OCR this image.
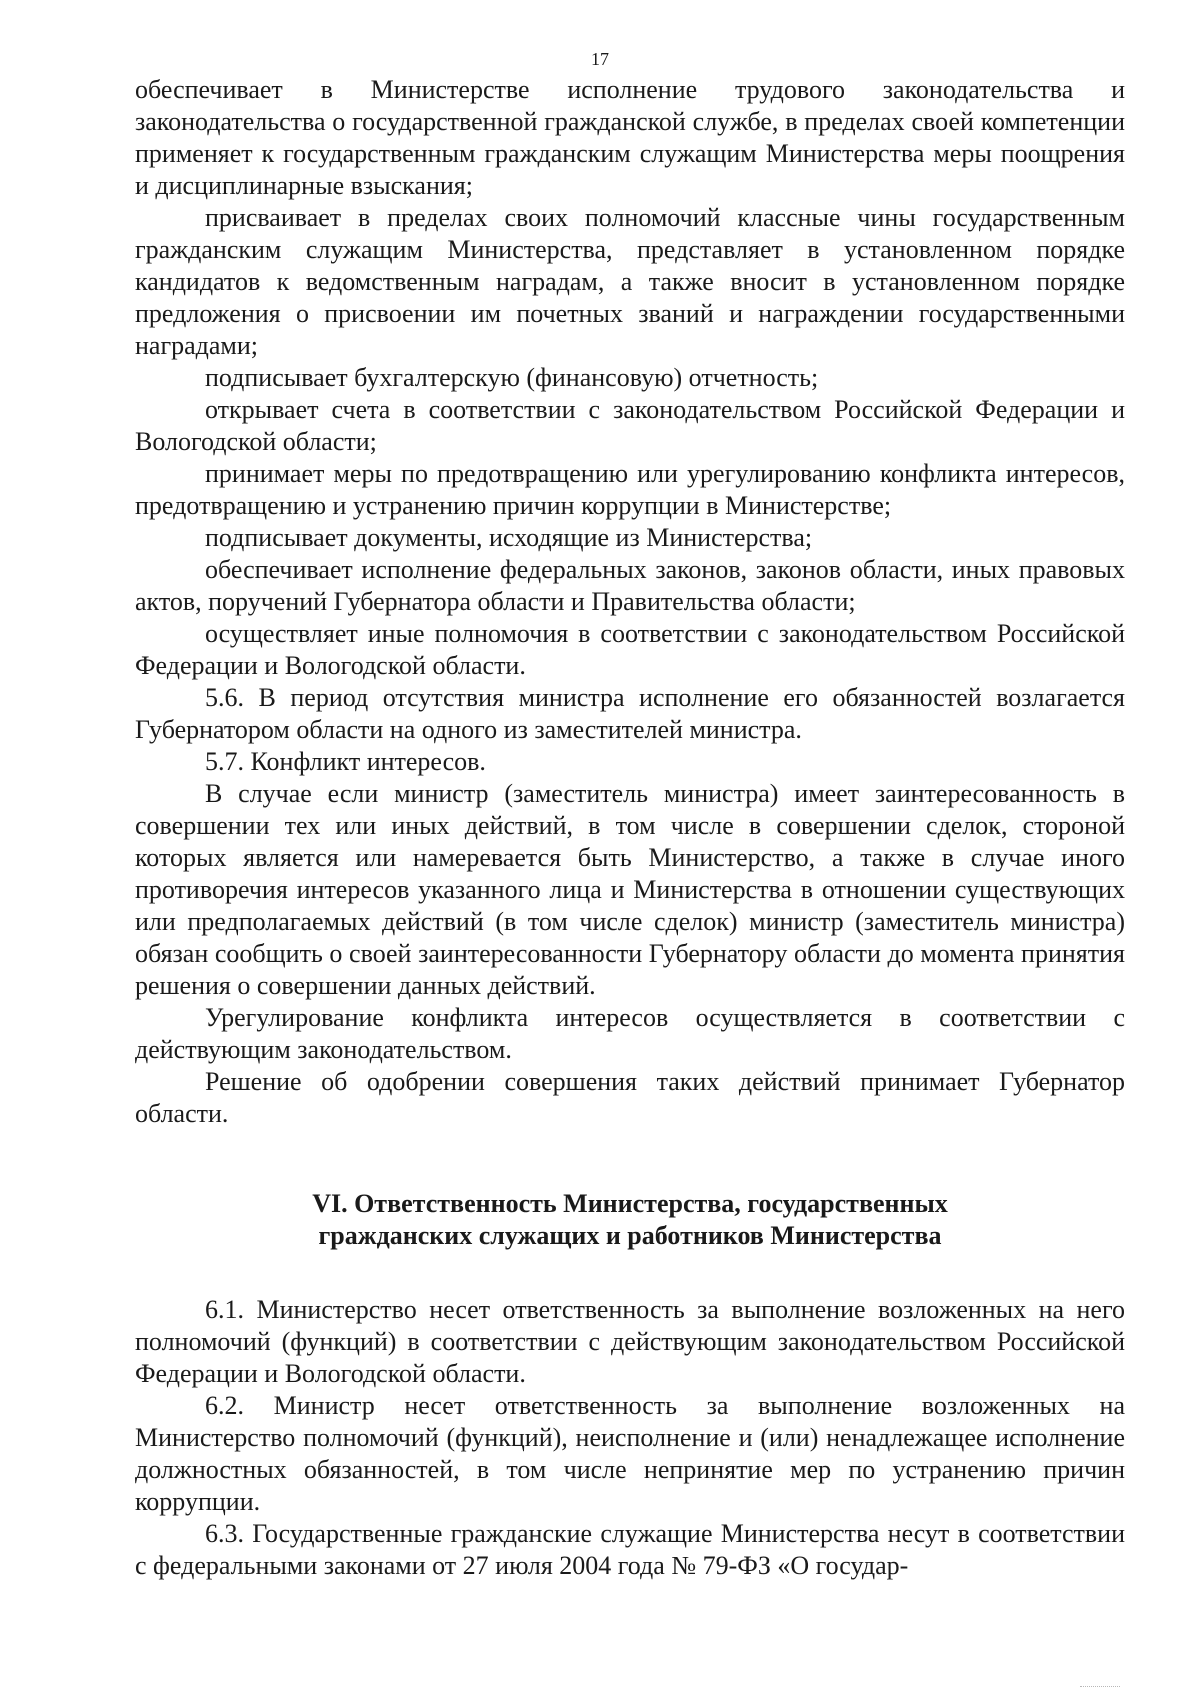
17

обеспечивает в Министерстве исполнение трудового законодательства и законодательства о государственной гражданской службе, в пределах своей компетенции применяет к государственным гражданским служащим Министерства меры поощрения и дисциплинарные взыскания;

присваивает в пределах своих полномочий классные чины государственным гражданским служащим Министерства, представляет в установленном порядке кандидатов к ведомственным наградам, а также вносит в установленном порядке предложения о присвоении им почетных званий и награждении государственными наградами;

подписывает бухгалтерскую (финансовую) отчетность;

открывает счета в соответствии с законодательством Российской Федерации и Вологодской области;

принимает меры по предотвращению или урегулированию конфликта интересов, предотвращению и устранению причин коррупции в Министерстве;

подписывает документы, исходящие из Министерства;

обеспечивает исполнение федеральных законов, законов области, иных правовых актов, поручений Губернатора области и Правительства области;

осуществляет иные полномочия в соответствии с законодательством Российской Федерации и Вологодской области.

5.6. В период отсутствия министра исполнение его обязанностей возлагается Губернатором области на одного из заместителей министра.

5.7. Конфликт интересов.

В случае если министр (заместитель министра) имеет заинтересованность в совершении тех или иных действий, в том числе в совершении сделок, стороной которых является или намеревается быть Министерство, а также в случае иного противоречия интересов указанного лица и Министерства в отношении существующих или предполагаемых действий (в том числе сделок) министр (заместитель министра) обязан сообщить о своей заинтересованности Губернатору области до момента принятия решения о совершении данных действий.

Урегулирование конфликта интересов осуществляется в соответствии с действующим законодательством.

Решение об одобрении совершения таких действий принимает Губернатор области.

VI. Ответственность Министерства, государственных
гражданских служащих и работников Министерства

6.1. Министерство несет ответственность за выполнение возложенных на него полномочий (функций) в соответствии с действующим законодательством Российской Федерации и Вологодской области.

6.2. Министр несет ответственность за выполнение возложенных на Министерство полномочий (функций), неисполнение и (или) ненадлежащее исполнение должностных обязанностей, в том числе непринятие мер по устранению причин коррупции.

6.3. Государственные гражданские служащие Министерства несут в соответствии с федеральными законами от 27 июля 2004 года № 79-ФЗ «О государ-
